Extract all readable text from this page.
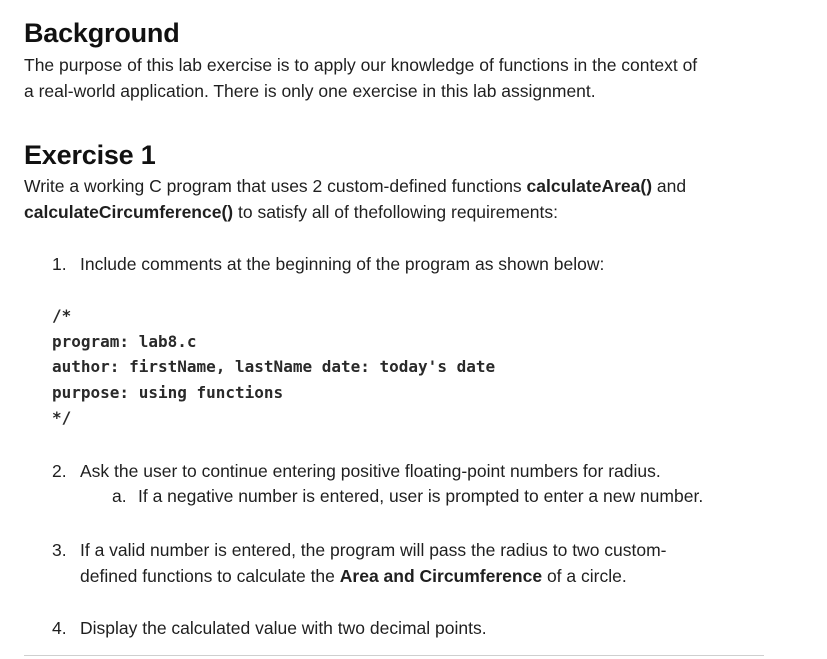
Background
The purpose of this lab exercise is to apply our knowledge of functions in the context of
a real-world application. There is only one exercise in this lab assignment.
Exercise 1
Write a working C program that uses 2 custom-defined functions calculateArea() and
calculateCircumference() to satisfy all of thefollowing requirements:
1. Include comments at the beginning of the program as shown below:
/*
program: lab8.c
author: firstName, lastName date: today's date
purpose: using functions
*/
2. Ask the user to continue entering positive floating-point numbers for radius.
a. If a negative number is entered, user is prompted to enter a new number.
3. If a valid number is entered, the program will pass the radius to two custom-
defined functions to calculate the Area and Circumference of a circle.
4. Display the calculated value with two decimal points.
